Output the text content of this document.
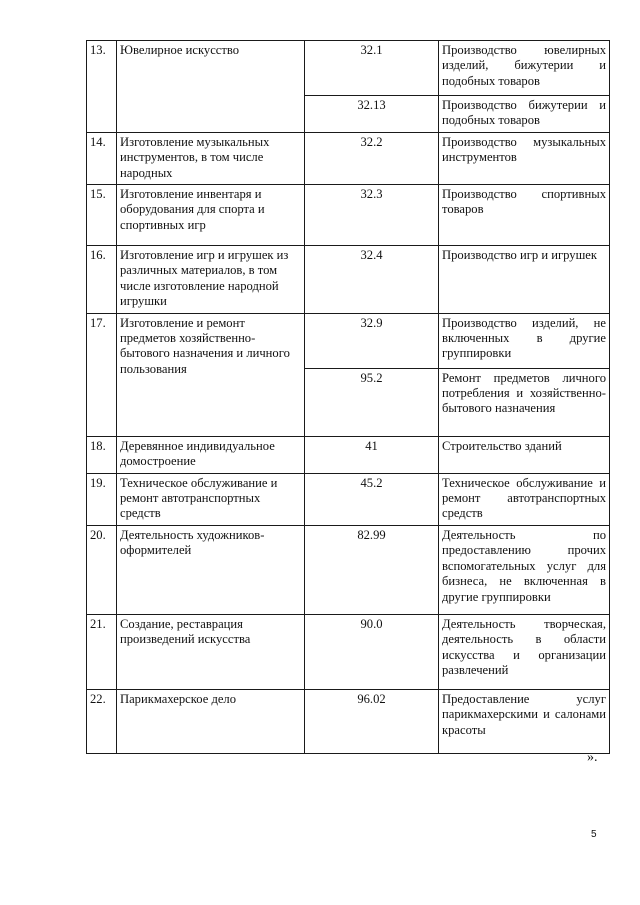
13.	Ювелирное искусство	32.1	Производство ювелирных изделий, бижутерии и подобных товаров
		32.13	Производство бижутерии и подобных товаров
14.	Изготовление музыкальных инструментов, в том числе народных	32.2	Производство музыкальных инструментов
15.	Изготовление инвентаря и оборудования для спорта и спортивных игр	32.3	Производство спортивных товаров
16.	Изготовление игр и игрушек из различных материалов, в том числе изготовление народной игрушки	32.4	Производство игр и игрушек
17.	Изготовление и ремонт предметов хозяйственно-бытового назначения и личного пользования	32.9	Производство изделий, не включенных в другие группировки
		95.2	Ремонт предметов личного потребления и хозяйственно-бытового назначения
18.	Деревянное индивидуальное домостроение	41	Строительство зданий
19.	Техническое обслуживание и ремонт автотранспортных средств	45.2	Техническое обслуживание и ремонт автотранспортных средств
20.	Деятельность художников-оформителей	82.99	Деятельность по предоставлению прочих вспомогательных услуг для бизнеса, не включенная в другие группировки
21.	Создание, реставрация произведений искусства	90.0	Деятельность творческая, деятельность в области искусства и организации развлечений
22.	Парикмахерское дело	96.02	Предоставление услуг парикмахерскими и салонами красоты
».
5
